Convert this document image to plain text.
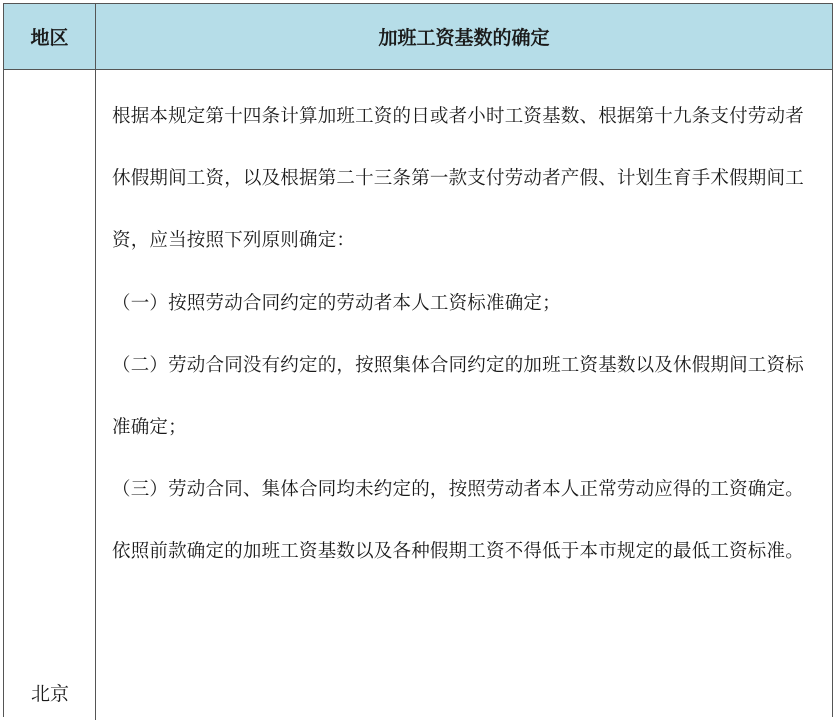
地区	加班工资基数的确定
北京

根据本规定第十四条计算加班工资的日或者小时工资基数、根据第十九条支付劳动者休假期间工资，以及根据第二十三条第一款支付劳动者产假、计划生育手术假期间工资，应当按照下列原则确定：

（一）按照劳动合同约定的劳动者本人工资标准确定；

（二）劳动合同没有约定的，按照集体合同约定的加班工资基数以及休假期间工资标准确定；

（三）劳动合同、集体合同均未约定的，按照劳动者本人正常劳动应得的工资确定。

依照前款确定的加班工资基数以及各种假期工资不得低于本市规定的最低工资标准。
